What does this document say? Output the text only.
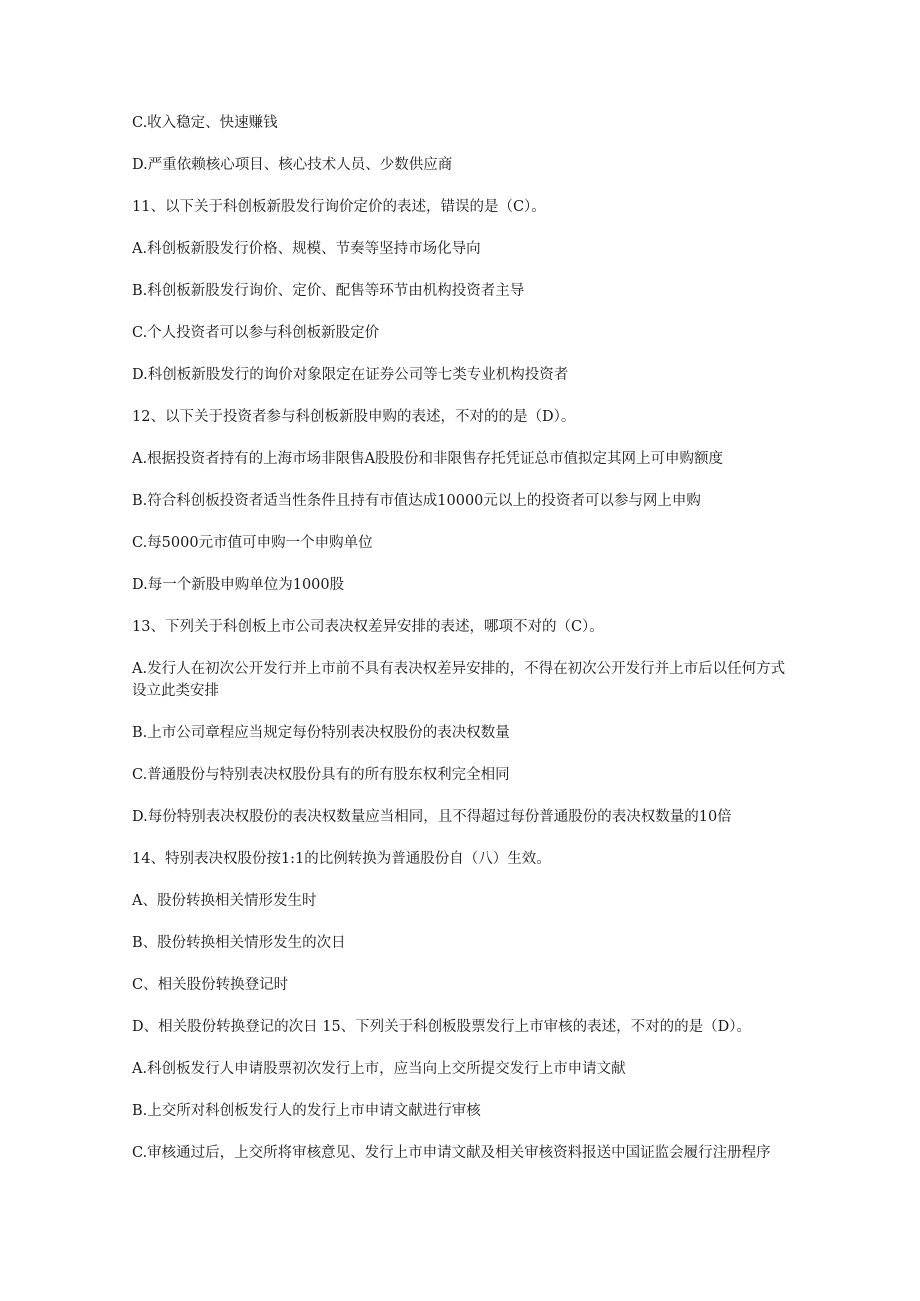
C.收入稳定、快速赚钱

D.严重依赖核心项目、核心技术人员、少数供应商

11、以下关于科创板新股发行询价定价的表述，错误的是（C）。

A.科创板新股发行价格、规模、节奏等坚持市场化导向

B.科创板新股发行询价、定价、配售等环节由机构投资者主导

C.个人投资者可以参与科创板新股定价

D.科创板新股发行的询价对象限定在证券公司等七类专业机构投资者

12、以下关于投资者参与科创板新股申购的表述，不对的的是（D）。

A.根据投资者持有的上海市场非限售A股股份和非限售存托凭证总市值拟定其网上可申购额度

B.符合科创板投资者适当性条件且持有市值达成10000元以上的投资者可以参与网上申购

C.每5000元市值可申购一个申购单位

D.每一个新股申购单位为1000股

13、下列关于科创板上市公司表决权差异安排的表述，哪项不对的（C）。

A.发行人在初次公开发行并上市前不具有表决权差异安排的，不得在初次公开发行并上市后以任何方式设立此类安排

B.上市公司章程应当规定每份特别表决权股份的表决权数量

C.普通股份与特别表决权股份具有的所有股东权利完全相同

D.每份特别表决权股份的表决权数量应当相同，且不得超过每份普通股份的表决权数量的10倍

14、特别表决权股份按1:1的比例转换为普通股份自（八）生效。

A、股份转换相关情形发生时

B、股份转换相关情形发生的次日

C、相关股份转换登记时

D、相关股份转换登记的次日 15、下列关于科创板股票发行上市审核的表述，不对的的是（D）。

A.科创板发行人申请股票初次发行上市，应当向上交所提交发行上市申请文献

B.上交所对科创板发行人的发行上市申请文献进行审核

C.审核通过后，上交所将审核意见、发行上市申请文献及相关审核资料报送中国证监会履行注册程序
